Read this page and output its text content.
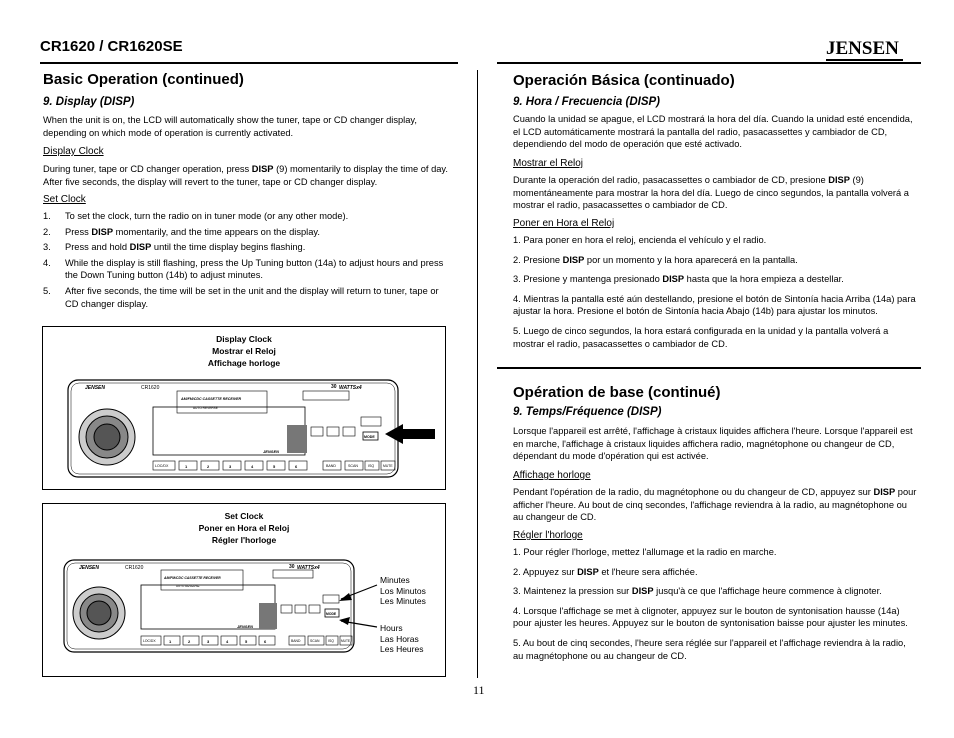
CR1620 / CR1620SE	JENSEN
Basic Operation (continued)
9. Display (DISP)
When the unit is on, the LCD will automatically show the tuner, tape or CD changer display, depending on which mode of operation is currently activated.
Display Clock
During tuner, tape or CD changer operation, press DISP (9) momentarily to display the time of day. After five seconds, the display will revert to the tuner, tape or CD changer display.
Set Clock
1. To set the clock, turn the radio on in tuner mode (or any other mode).
2. Press DISP momentarily, and the time appears on the display.
3. Press and hold DISP until the time display begins flashing.
4. While the display is still flashing, press the Up Tuning button (14a) to adjust hours and press the Down Tuning button (14b) to adjust minutes.
5. After five seconds, the time will be set in the unit and the display will return to tuner, tape or CD changer display.
Display Clock
Mostrar el Reloj
Affichage horloge
JENSEN	CR1620	WATTSx4
30
AM/FM/CDC CASSETTE RECEIVER
AUTO REVERSE
JENSEN
MODE
LOC/DX	1	2	3	4	5	6	BAND	SCAN	ISQ	MUTE
Set Clock
Poner en Hora el Reloj
Régler l'horloge
JENSEN	CR1620	WATTSx4
30
AM/FM/CDC CASSETTE RECEIVER
AUTO REVERSE
JENSEN
MODE
LOC/DX	1	2	3	4	5	6	BAND	SCAN	ISQ MUTE
Minutes
Los Minutos
Les Minutes
Hours
Las Horas
Les Heures
Operación Básica (continuado)
9. Hora / Frecuencia (DISP)
Cuando la unidad se apague, el LCD mostrará la hora del día. Cuando la unidad esté encendida, el LCD automáticamente mostrará la pantalla del radio, pasacassettes y cambiador de CD, dependiendo del modo de operación que esté activado.
Mostrar el Reloj
Durante la operación del radio, pasacassettes o cambiador de CD, presione DISP (9) momentáneamente para mostrar la hora del día. Luego de cinco segundos, la pantalla volverá a mostrar el radio, pasacassettes o cambiador de CD.
Poner en Hora el Reloj
1. Para poner en hora el reloj, encienda el vehículo y el radio.
2. Presione DISP por un momento y la hora aparecerá en la pantalla.
3. Presione y mantenga presionado DISP hasta que la hora empieza a destellar.
4. Mientras la pantalla esté aún destellando, presione el botón de Sintonía hacia Arriba (14a) para ajustar la hora. Presione el botón de Sintonía hacia Abajo (14b) para ajustar los minutos.
5. Luego de cinco segundos, la hora estará configurada en la unidad y la pantalla volverá a mostrar el radio, pasacassettes o cambiador de CD.
Opération de base (continué)
9. Temps/Fréquence (DISP)
Lorsque l'appareil est arrêté, l'affichage à cristaux liquides affichera l'heure. Lorsque l'appareil est en marche, l'affichage à cristaux liquides affichera radio, magnétophone ou changeur de CD, dépendant du mode d'opération qui est activée.
Affichage horloge
Pendant l'opération de la radio, du magnétophone ou du changeur de CD, appuyez sur DISP pour afficher l'heure. Au bout de cinq secondes, l'affichage reviendra à la radio, au magnétophone ou au changeur de CD.
Régler l'horloge
1. Pour régler l'horloge, mettez l'allumage et la radio en marche.
2. Appuyez sur DISP et l'heure sera affichée.
3. Maintenez la pression sur DISP jusqu'à ce que l'affichage heure commence à clignoter.
4. Lorsque l'affichage se met à clignoter, appuyez sur le bouton de syntonisation hausse (14a) pour ajuster les heures. Appuyez sur le bouton de syntonisation baisse pour ajuster les minutes.
5. Au bout de cinq secondes, l'heure sera réglée sur l'appareil et l'affichage reviendra à la radio, au magnétophone ou au changeur de CD.
11
